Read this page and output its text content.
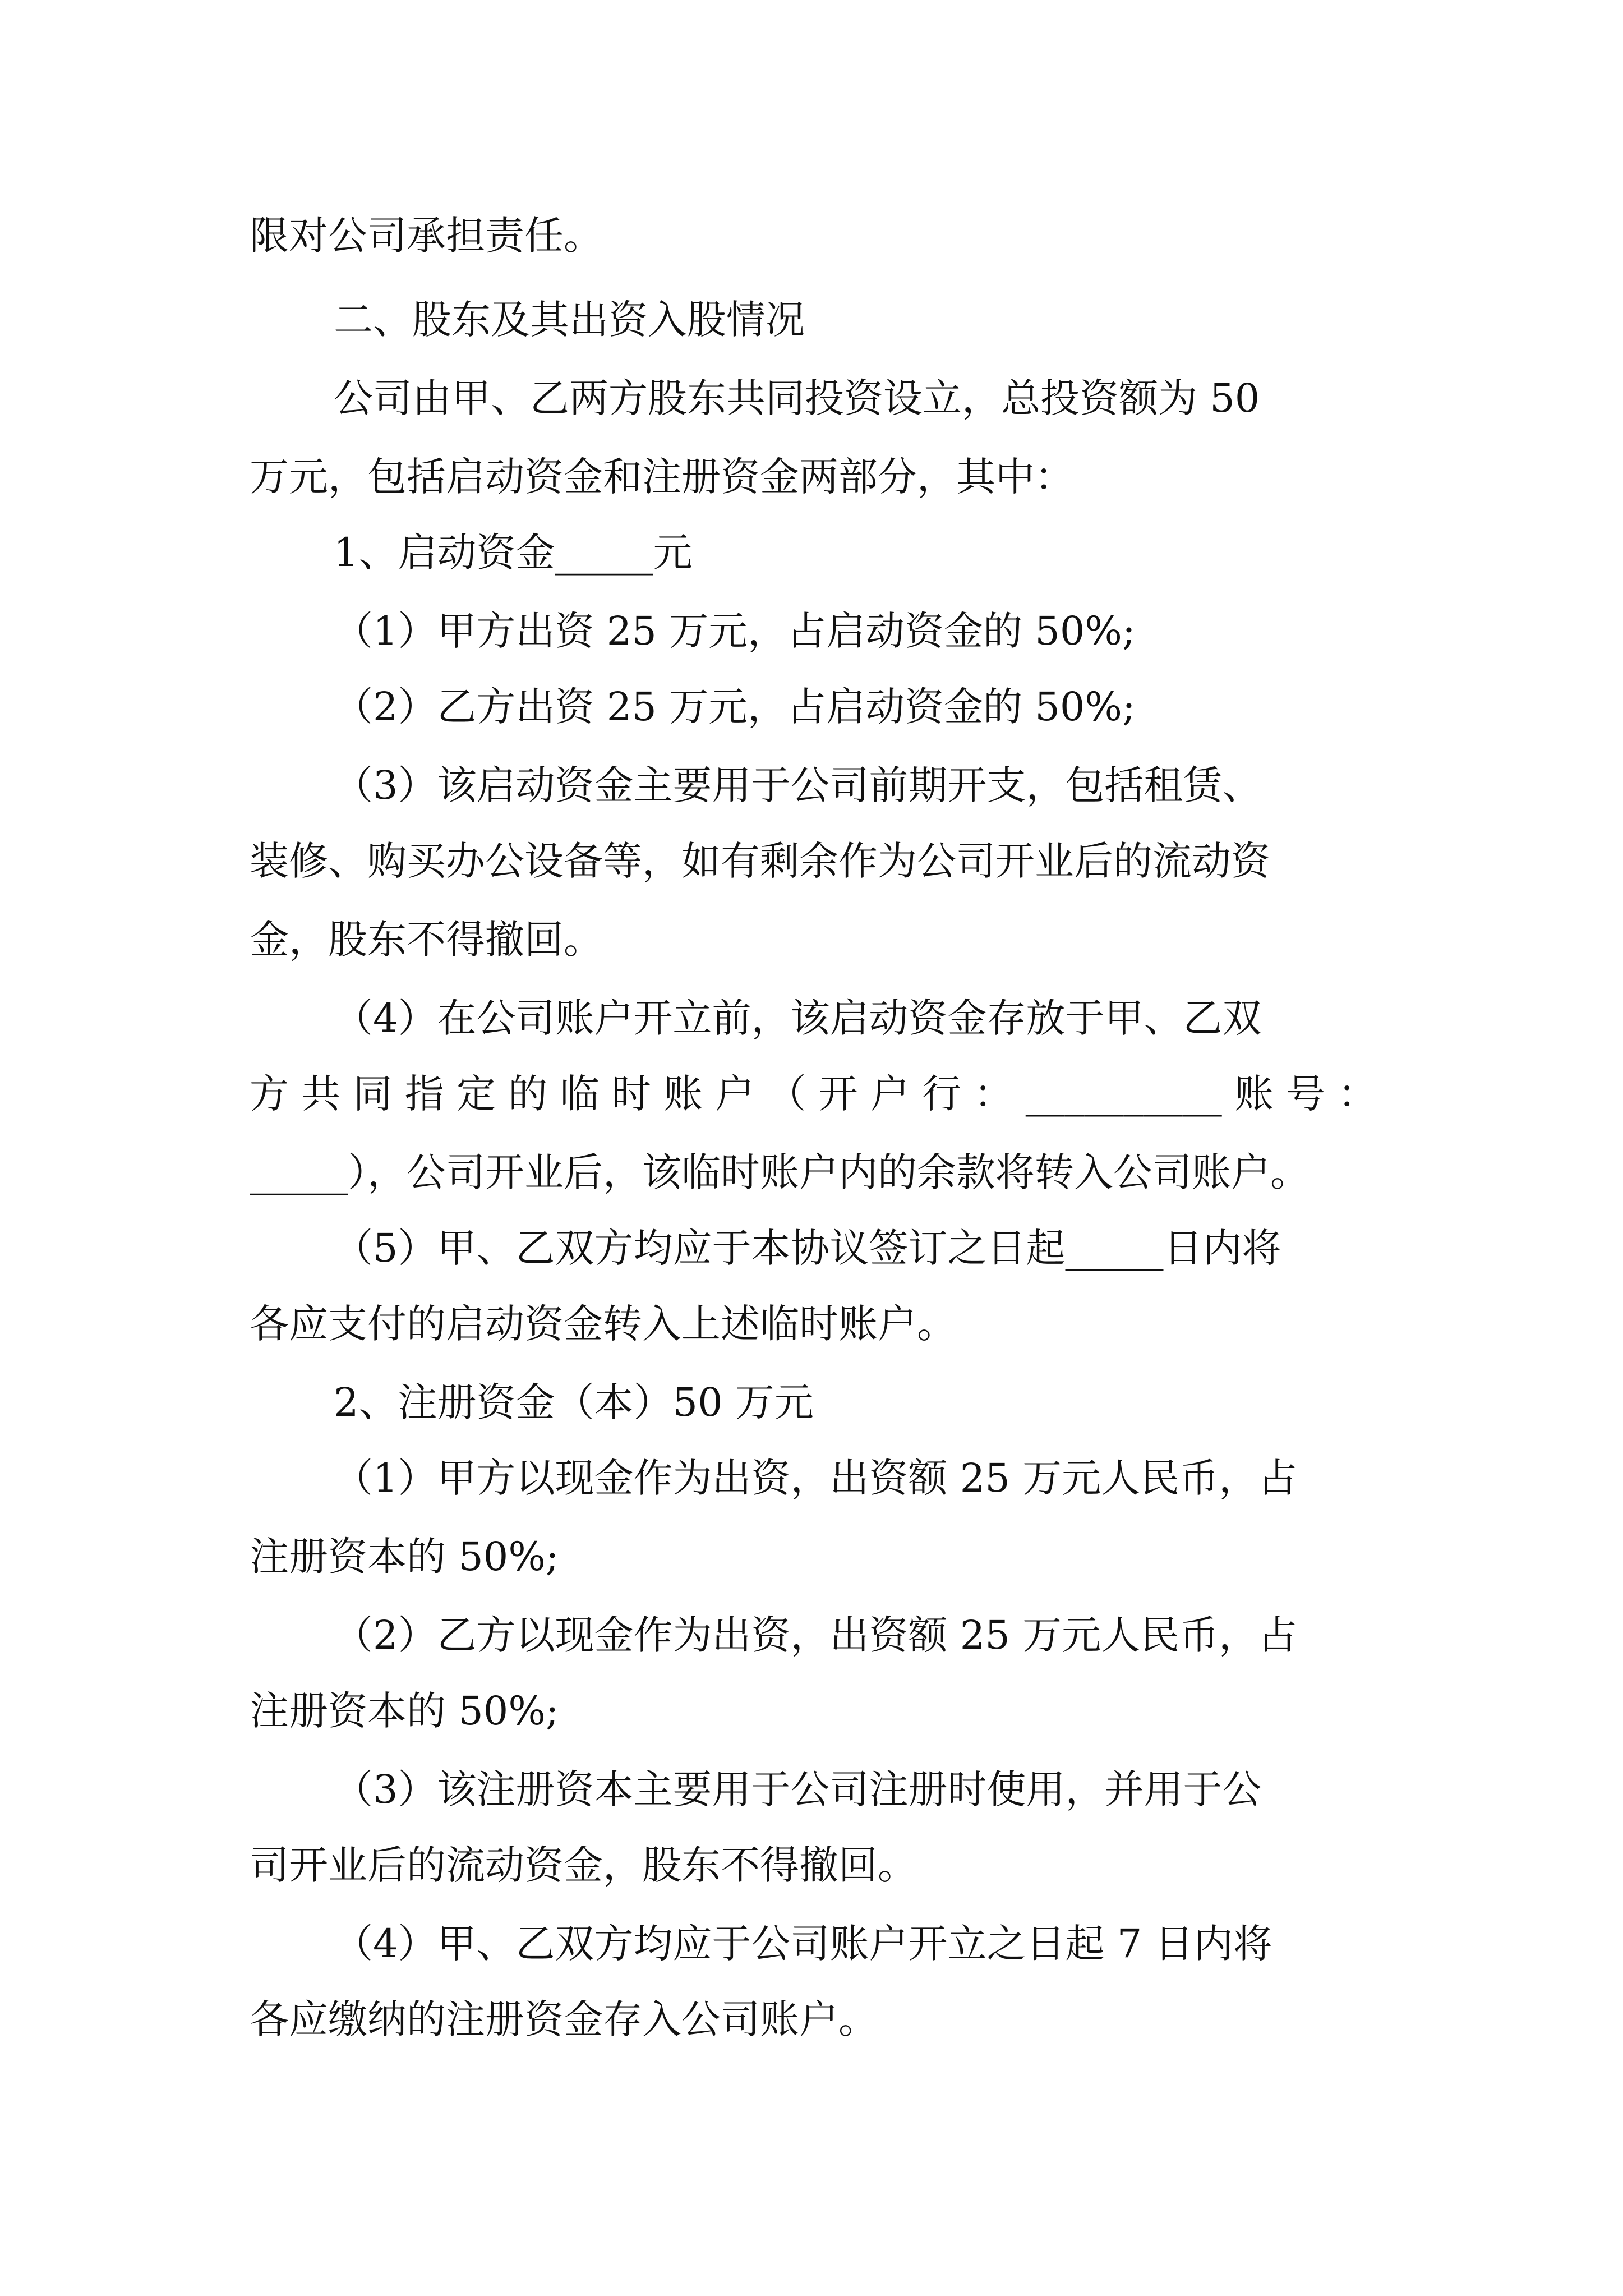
限对公司承担责任。
二、股东及其出资入股情况
公司由甲、乙两方股东共同投资设立，总投资额为 50
万元，包括启动资金和注册资金两部分，其中：
1、启动资金_____元
（1）甲方出资 25 万元，占启动资金的 50%;
（2）乙方出资 25 万元，占启动资金的 50%;
（3）该启动资金主要用于公司前期开支，包括租赁、
装修、购买办公设备等，如有剩余作为公司开业后的流动资
金，股东不得撤回。
（4）在公司账户开立前，该启动资金存放于甲、乙双
方 共 同 指 定 的 临 时 账 户 （ 开 户 行 ： __________ 账 号 ：
_____），公司开业后，该临时账户内的余款将转入公司账户。
（5）甲、乙双方均应于本协议签订之日起_____日内将
各应支付的启动资金转入上述临时账户。
2、注册资金（本）50 万元
（1）甲方以现金作为出资，出资额 25 万元人民币，占
注册资本的 50%;
（2）乙方以现金作为出资，出资额 25 万元人民币，占
注册资本的 50%;
（3）该注册资本主要用于公司注册时使用，并用于公
司开业后的流动资金，股东不得撤回。
（4）甲、乙双方均应于公司账户开立之日起 7 日内将
各应缴纳的注册资金存入公司账户。
